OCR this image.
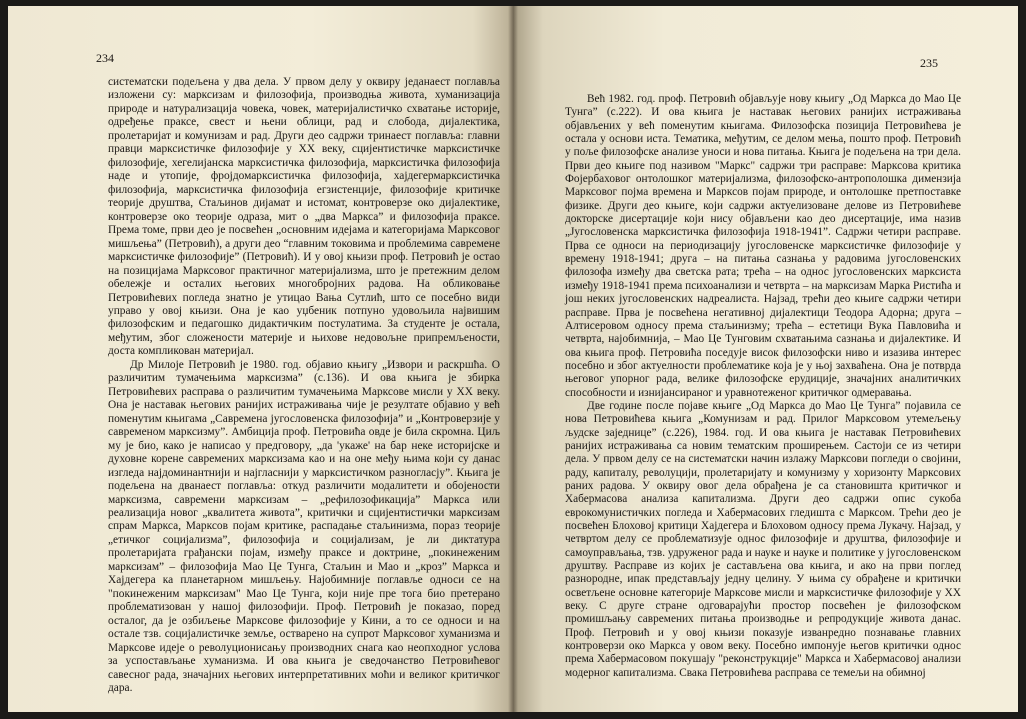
234

систематски подељена у два дела. У првом делу у оквиру једанаест поглавља изложени су: марксизам и филозофија, производња живота, хуманизација природе и натурализација човека, човек, материјалистичко схватање историје, одређење праксе, свест и њени облици, рад и слобода, дијалектика, пролетаријат и комунизам и рад. Други део садржи тринаест поглавља: главни правци марксистичке филозофије у XX веку, сциjентистичке марксистичке филозофије, хегелијанска марксистичка филозофија, марксистичка филозофија наде и утопије, фројдомарксистичка филозофија, хајдегермарксистичка филозофија, марксистичка филозофија егзистенције, филозофије критичке теорије друштва, Стаљинов дијамат и истомат, контроверзе око дијалектике, контроверзе око теорије одраза, мит о „два Маркса” и филозофија праксе. Према томе, први део је посвећен „основним идејама и категоријама Марксовог мишљења” (Петровић), а други део “главним токовима и проблемима савремене марксистичке филозофије” (Петровић). И у овој књизи проф. Петровић је остао на позицијама Марксовог практичног материјализма, што је претежним делом обележје и осталих његових многобројних радова. На обликовање Петровићевих погледа знатно је утицао Вања Сутлић, што се посебно види управо у овој књизи. Она је као уџбеник потпуно удовољила највишим филозофским и педагошко дидактичким постулатима. За студенте је остала, међутим, због сложености материје и њихове недовољне припремљености, доста компликован материјал.

Др Милоје Петровић је 1980. год. објавио књигу „Извори и раскршћа. О различитим тумачењима марксизма” (с.136). И ова књига је збирка Петровићевих расправа о различитим тумачењима Марксове мисли у XX веку. Она је наставак његових ранијих истраживања чије је резултате објавио у већ поменутим књигама „Савремена југословенска филозофија” и „Контроверзије у савременом марксизму”. Амбиција проф. Петровића овде је била скромна. Циљ му је био, како је написао у предговору, „да 'укаже' на бар неке историјске и духовне корене савремених марксизама као и на оне међу њима који су данас изгледа најдоминантнији и најгласнији у марксистичком разногласју”. Књига је подељена на дванаест поглавља: откуд различити модалитети и обојености марксизма, савремени марксизам – „рефилозофикација” Маркса или реализација новог „квалитета живота”, критички и сциjентистички марксизам спрам Маркса, Марксов појам критике, распадање стаљинизма, пораз теорије „етичког социјализма”, филозофија и социјализам, је ли диктатура пролетаријата грађански појам, између праксе и доктрине, „покинеженим марксизам” – филозофија Мао Це Тунга, Стаљин и Мао и „кроз” Маркса и Хајдегера ка планетарном мишљењу. Најобимније поглавље односи се на "покинеженим марксизам" Мао Це Тунга, који није пре тога био претерано проблематизован у нашој филозофији. Проф. Петровић је показао, поред осталог, да је озбиљење Марксове филозофије у Кини, а то се односи и на остале тзв. социјалистичке земље, остварено на супрот Марксовог хуманизма и Марксове идеје о револуционисању производних снага као неопходног услова за успостављање хуманизма. И ова књига је сведочанство Петровићевог савесног рада, значајних његових интерпретативних моћи и великог критичког дара.

235

Већ 1982. год. проф. Петровић објављује нову књигу „Од Маркса до Мао Це Тунга” (с.222). И ова књига је наставак његових ранијих истраживања објављених у већ поменутим књигама. Филозофска позиција Петровићева је остала у основи иста. Тематика, међутим, се делом мења, пошто проф. Петровић у поље филозофске анализе уноси и нова питања. Књига је подељена на три дела. Први део књиге под називом "Маркс" садржи три расправе: Марксова критика Фојербаховог онтолошког материјализма, филозофско-антрополошка димензија Марксовог појма времена и Марксов појам природе, и онтолошке претпоставке физике. Други део књиге, који садржи актуелизоване делове из Петровићеве докторске дисертације који нису објављени као део дисертације, има назив „Југословенска марксистичка филозофија 1918-1941”. Садржи четири расправе. Прва се односи на периодизацију југословенске марксистичке филозофије у времену 1918-1941; друга – на питања сазнања у радовима југословенских филозофа између два светска рата; трећа – на однос југословенских марксиста између 1918-1941 према психоанализи и четврта – на марксизам Марка Ристића и још неких југословенских надреалиста. Најзад, трећи део књиге садржи четири расправе. Прва је посвећена негативној дијалектици Теодора Адорна; друга – Алтисеровом односу према стаљинизму; трећа – естетици Вука Павловића и четврта, најобимнија, – Мао Це Тунговим схватањима сазнања и дијалектике. И ова књига проф. Петровића поседује висок филозофски ниво и изазива интерес посебно и због актуелности проблематике која је у њој захваћена. Она је потврда његовог упорног рада, велике филозофске ерудиције, значајних аналитичких способности и изнијансираног и уравнотеженог критичког одмеравања.

Две године после појаве књиге „Од Маркса до Мао Це Тунга” појавила се нова Петровићева књига „Комунизам и рад. Прилог Марксовом утемељењу људске заједнице” (с.226), 1984. год. И ова књига је наставак Петровићевих ранијих истраживања са новим тематским проширењем. Састоји се из четири дела. У првом делу се на систематски начин излажу Марксови погледи о својини, раду, капиталу, револуцији, пролетаријату и комунизму у хоризонту Марксових раних радова. У оквиру овог дела обрађена је са становишта критичког и Хабермасова анализа капитализма. Други део садржи опис сукоба еврокомунистичких погледа и Хабермасових гледишта с Марксом. Трећи део је посвећен Блоховој критици Хајдегера и Блоховом односу према Лукачу. Најзад, у четвртом делу се проблематизује однос филозофије и друштва, филозофије и самоуправљања, тзв. удруженог рада и науке и науке и политике у југословенском друштву. Расправе из којих је састављена ова књига, и ако на први поглед разнородне, ипак представљају једну целину. У њима су обрађене и критички осветљене основне категорије Марксове мисли и марксистичке филозофије у XX веку. С друге стране одговарајући простор посвећен је филозофском промишљању савремених питања производње и репродукције живота данас. Проф. Петровић и у овој књизи показује изванредно познавање главних контроверзи око Маркса у овом веку. Посебно импонује његов критички однос према Хабермасовом покушају "реконструкције" Маркса и Хабермасовој анализи модерног капитализма. Свака Петровићева расправа се темељи на обимној
